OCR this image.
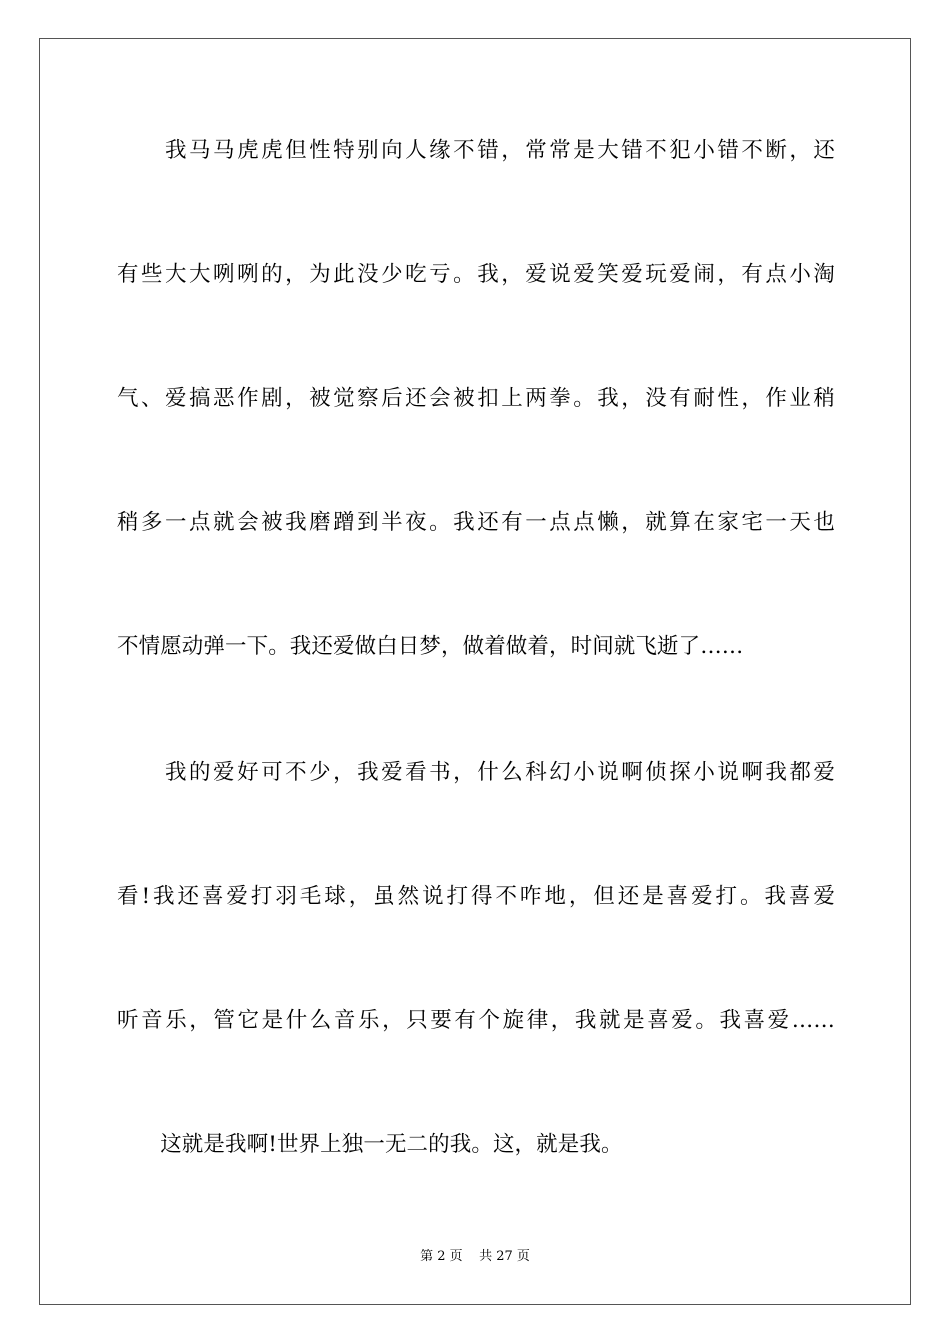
　　我马马虎虎但性特别向人缘不错，常常是大错不犯小错不断，还
有些大大咧咧的，为此没少吃亏。我，爱说爱笑爱玩爱闹，有点小淘
气、爱搞恶作剧，被觉察后还会被扣上两拳。我，没有耐性，作业稍
稍多一点就会被我磨蹭到半夜。我还有一点点懒，就算在家宅一天也
不情愿动弹一下。我还爱做白日梦，做着做着，时间就飞逝了……
　　我的爱好可不少，我爱看书，什么科幻小说啊侦探小说啊我都爱
看!我还喜爱打羽毛球，虽然说打得不咋地，但还是喜爱打。我喜爱
听音乐，管它是什么音乐，只要有个旋律，我就是喜爱。我喜爱……
　　这就是我啊!世界上独一无二的我。这，就是我。
第 2 页    共 27 页
